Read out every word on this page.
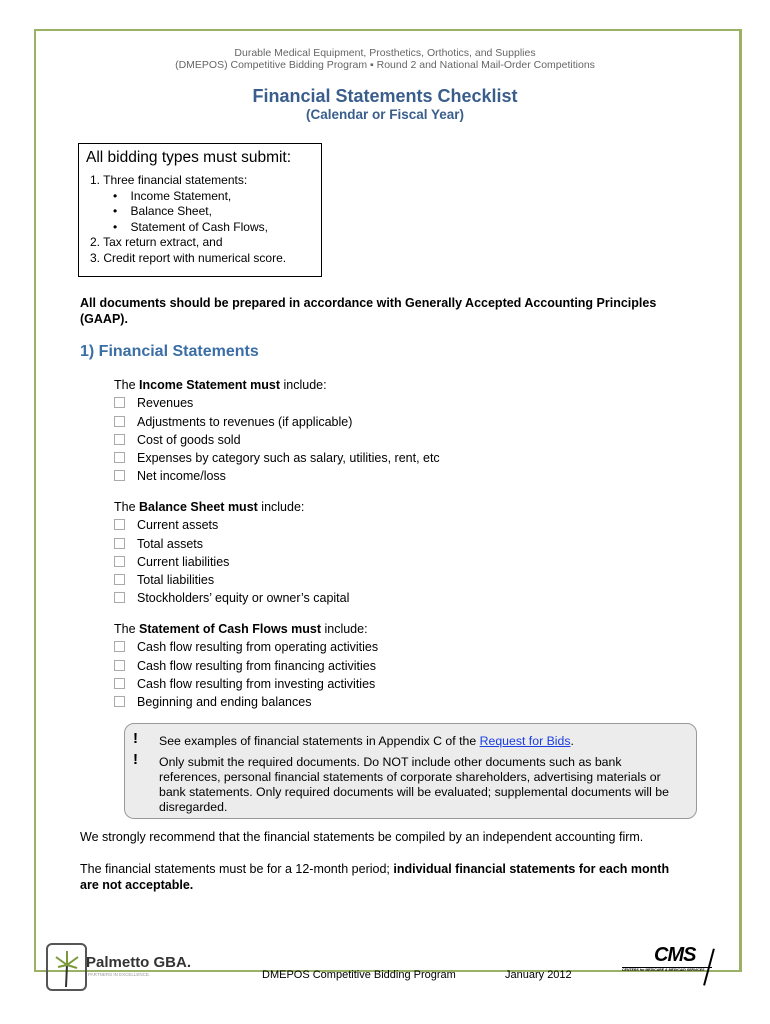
Durable Medical Equipment, Prosthetics, Orthotics, and Supplies
(DMEPOS) Competitive Bidding Program ▪ Round 2 and National Mail-Order Competitions
Financial Statements Checklist
(Calendar or Fiscal Year)
All bidding types must submit:
1. Three financial statements:
•    Income Statement,
•    Balance Sheet,
•    Statement of Cash Flows,
2. Tax return extract, and
3. Credit report with numerical score.
All documents should be prepared in accordance with Generally Accepted Accounting Principles (GAAP).
1) Financial Statements
The Income Statement must include:
Revenues
Adjustments to revenues (if applicable)
Cost of goods sold
Expenses by category such as salary, utilities, rent, etc
Net income/loss
The Balance Sheet must include:
Current assets
Total assets
Current liabilities
Total liabilities
Stockholders’ equity or owner’s capital
The Statement of Cash Flows must include:
Cash flow resulting from operating activities
Cash flow resulting from financing activities
Cash flow resulting from investing activities
Beginning and ending balances
! See examples of financial statements in Appendix C of the Request for Bids.
! Only submit the required documents. Do NOT include other documents such as bank references, personal financial statements of corporate shareholders, advertising materials or bank statements. Only required documents will be evaluated; supplemental documents will be disregarded.
We strongly recommend that the financial statements be compiled by an independent accounting firm.
The financial statements must be for a 12-month period; individual financial statements for each month are not acceptable.
Palmetto GBA.
PARTNERS IN EXCELLENCE.	DMEPOS Competitive Bidding Program	January 2012
CMS
CENTERS for MEDICARE & MEDICAID SERVICES
